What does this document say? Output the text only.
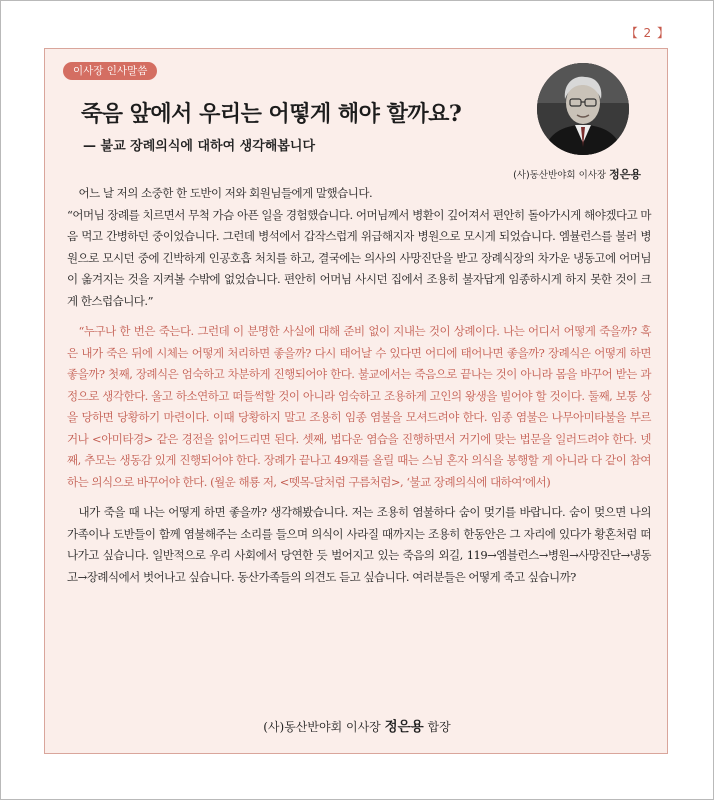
【 2 】
이사장 인사말씀
죽음 앞에서 우리는 어떻게 해야 할까요?
— 불교 장례의식에 대하여 생각해봅니다
(사)동산반야회 이사장 정은용

어느 날 저의 소중한 한 도반이 저와 회원님들에게 말했습니다.

“어머님 장례를 치르면서 무척 가슴 아픈 일을 경험했습니다. 어머님께서 병환이 깊어져서 편안히 돌아가시게 해야겠다고 마음 먹고 간병하던 중이었습니다. 그런데 병석에서 갑작스럽게 위급해지자 병원으로 모시게 되었습니다. 엠뷸런스를 불러 병원으로 모시던 중에 긴박하게 인공호흡 처치를 하고, 결국에는 의사의 사망진단을 받고 장례식장의 차가운 냉동고에 어머님이 옮겨지는 것을 지켜볼 수밖에 없었습니다. 편안히 어머님 사시던 집에서 조용히 불자답게 임종하시게 하지 못한 것이 크게 한스럽습니다.”

“누구나 한 번은 죽는다. 그런데 이 분명한 사실에 대해 준비 없이 지내는 것이 상례이다. 나는 어디서 어떻게 죽을까? 혹은 내가 죽은 뒤에 시체는 어떻게 처리하면 좋을까? 다시 태어날 수 있다면 어디에 태어나면 좋을까? 장례식은 어떻게 하면 좋을까? 첫째, 장례식은 엄숙하고 차분하게 진행되어야 한다. 불교에서는 죽음으로 끝나는 것이 아니라 몸을 바꾸어 받는 과정으로 생각한다. 울고 하소연하고 떠들썩할 것이 아니라 엄숙하고 조용하게 고인의 왕생을 빌어야 할 것이다. 둘째, 보통 상을 당하면 당황하기 마련이다. 이때 당황하지 말고 조용히 임종 염불을 모셔드려야 한다. 임종 염불은 나무아미타불을 부르거나 <아미타경> 같은 경전을 읽어드리면 된다. 셋째, 법다운 염습을 진행하면서 거기에 맞는 법문을 일러드려야 한다. 넷째, 추모는 생동감 있게 진행되어야 한다. 장례가 끝나고 49재를 올릴 때는 스님 혼자 의식을 봉행할 게 아니라 다 같이 참여하는 의식으로 바꾸어야 한다. (월운 해룡 저, <뗏목-달처럼 구름처럼>, ‘불교 장례의식에 대하여’에서)

내가 죽을 때 나는 어떻게 하면 좋을까? 생각해봤습니다. 저는 조용히 염불하다 숨이 멎기를 바랍니다. 숨이 멎으면 나의 가족이나 도반들이 함께 염불해주는 소리를 들으며 의식이 사라질 때까지는 조용히 한동안은 그 자리에 있다가 황혼처럼 떠나가고 싶습니다. 일반적으로 우리 사회에서 당연한 듯 벌어지고 있는 죽음의 외길, 119→엠블런스→병원→사망진단→냉동고→장례식에서 벗어나고 싶습니다. 동산가족들의 의견도 듣고 싶습니다. 여러분들은 어떻게 죽고 싶습니까?

(사)동산반야회 이사장 정은용 합장
